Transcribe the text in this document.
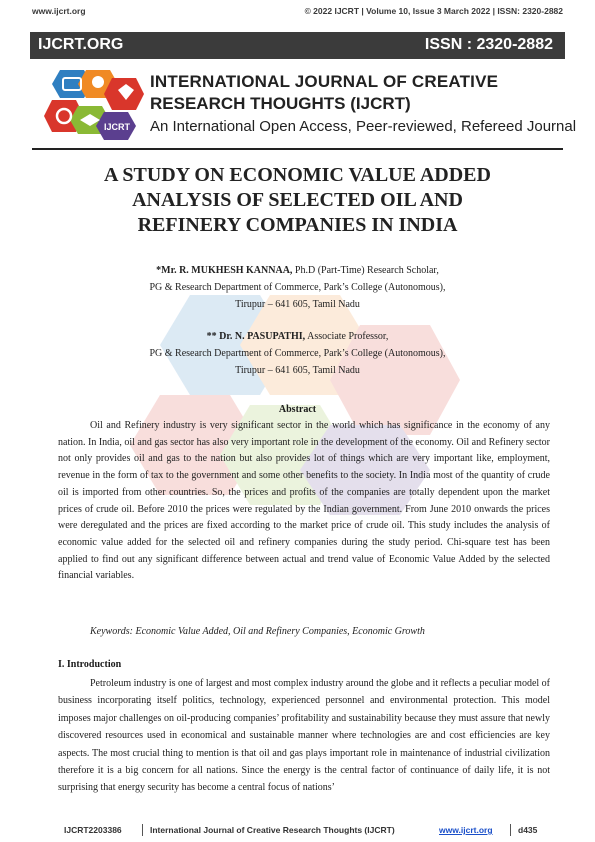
www.ijcrt.org	© 2022 IJCRT | Volume 10, Issue 3 March 2022 | ISSN: 2320-2882
IJCRT.ORG	ISSN : 2320-2882
IJCRT
INTERNATIONAL JOURNAL OF CREATIVE
RESEARCH THOUGHTS (IJCRT)
An International Open Access, Peer-reviewed, Refereed Journal
A STUDY ON ECONOMIC VALUE ADDED
ANALYSIS OF SELECTED OIL AND
REFINERY COMPANIES IN INDIA
*Mr. R. MUKHESH KANNAA, Ph.D (Part-Time) Research Scholar,
PG & Research Department of Commerce, Park’s College (Autonomous),
Tirupur – 641 605, Tamil Nadu
** Dr. N. PASUPATHI, Associate Professor,
PG & Research Department of Commerce, Park’s College (Autonomous),
Tirupur – 641 605, Tamil Nadu
Abstract
Oil and Refinery industry is very significant sector in the world which has significance in the economy of any nation. In India, oil and gas sector has also very important role in the development of the economy. Oil and Refinery sector not only provides oil and gas to the nation but also provides lot of things which are very important like, employment, revenue in the form of tax to the government and some other benefits to the society. In India most of the quantity of crude oil is imported from other countries. So, the prices and profits of the companies are totally dependent upon the market prices of crude oil. Before 2010 the prices were regulated by the Indian government. From June 2010 onwards the prices were deregulated and the prices are fixed according to the market price of crude oil. This study includes the analysis of economic value added for the selected oil and refinery companies during the study period. Chi-square test has been applied to find out any significant difference between actual and trend value of Economic Value Added by the selected financial variables.
Keywords: Economic Value Added, Oil and Refinery Companies, Economic Growth
I. Introduction
Petroleum industry is one of largest and most complex industry around the globe and it reflects a peculiar model of business incorporating itself politics, technology, experienced personnel and environmental protection. This model imposes major challenges on oil-producing companies’ profitability and sustainability because they must assure that newly discovered resources used in economical and sustainable manner where technologies are and cost efficiencies are key aspects. The most crucial thing to mention is that oil and gas plays important role in maintenance of industrial civilization therefore it is a big concern for all nations. Since the energy is the central factor of continuance of daily life, it is not surprising that energy security has become a central focus of nations’
IJCRT2203386	International Journal of Creative Research Thoughts (IJCRT)	www.ijcrt.org	d435
